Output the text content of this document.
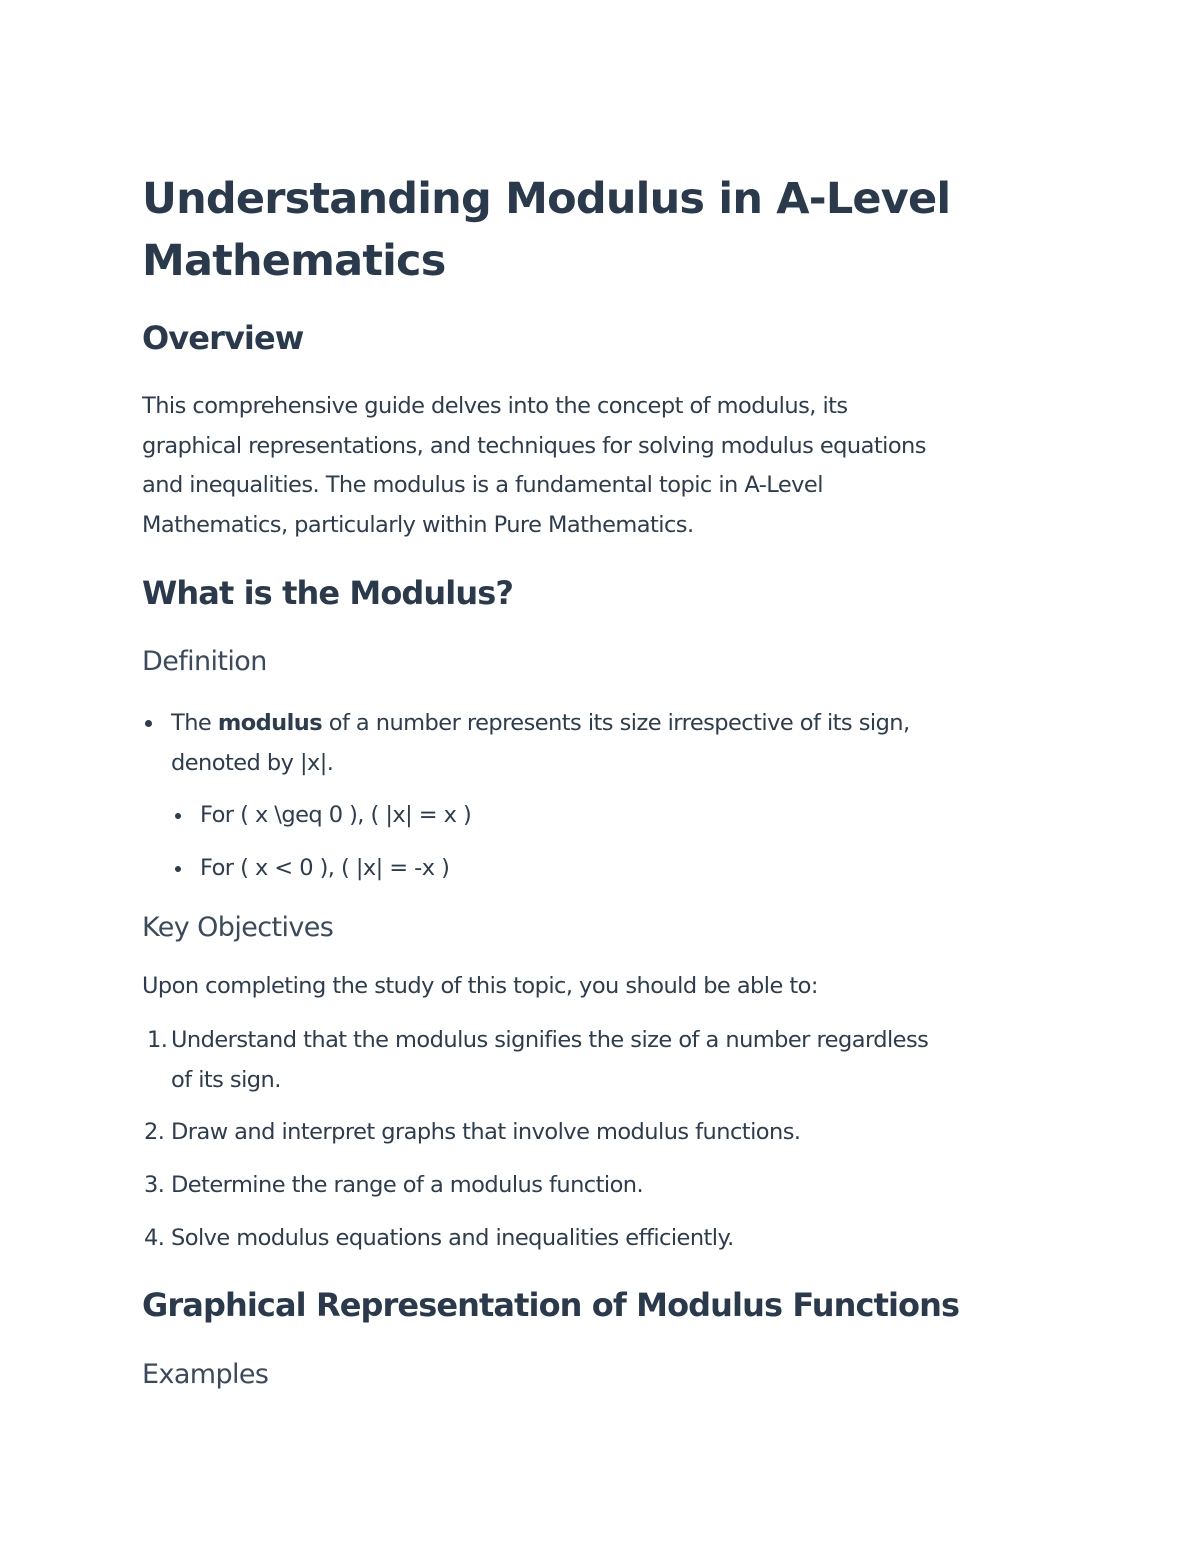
Understanding Modulus in A-Level
Mathematics
Overview

This comprehensive guide delves into the concept of modulus, its
graphical representations, and techniques for solving modulus equations
and inequalities. The modulus is a fundamental topic in A-Level
Mathematics, particularly within Pure Mathematics.

What is the Modulus?
Definition
The modulus of a number represents its size irrespective of its sign,
denoted by |x|.
For ( x \geq 0 ), ( |x| = x )
For ( x < 0 ), ( |x| = -x )
Key Objectives

Upon completing the study of this topic, you should be able to:

1. Understand that the modulus signifies the size of a number regardless
of its sign.
2. Draw and interpret graphs that involve modulus functions.
3. Determine the range of a modulus function.
4. Solve modulus equations and inequalities efficiently.
Graphical Representation of Modulus Functions
Examples
